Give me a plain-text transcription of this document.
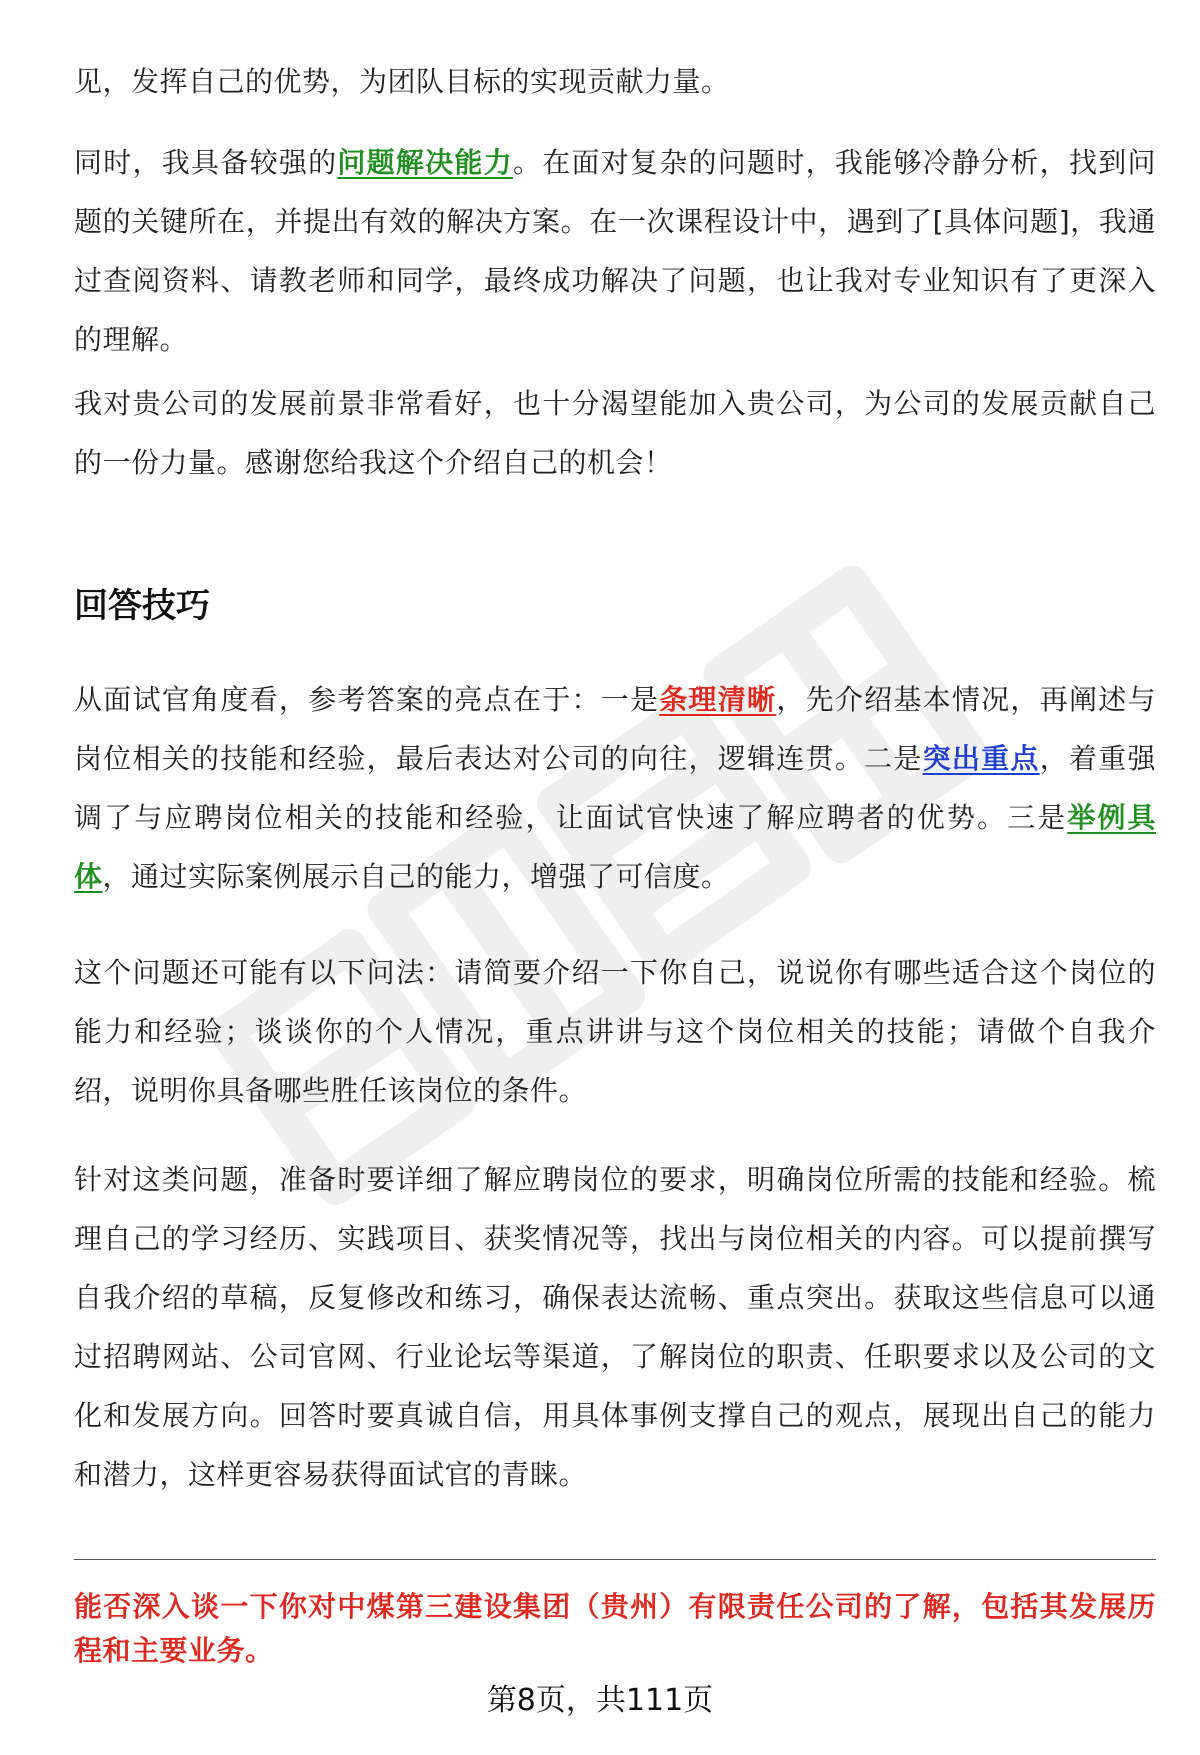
见，发挥自己的优势，为团队目标的实现贡献力量。

同时，我具备较强的问题解决能力。在面对复杂的问题时，我能够冷静分析，找到问题的关键所在，并提出有效的解决方案。在一次课程设计中，遇到了[具体问题]，我通过查阅资料、请教老师和同学，最终成功解决了问题，也让我对专业知识有了更深入的理解。

我对贵公司的发展前景非常看好，也十分渴望能加入贵公司，为公司的发展贡献自己的一份力量。感谢您给我这个介绍自己的机会！

回答技巧

从面试官角度看，参考答案的亮点在于：一是条理清晰，先介绍基本情况，再阐述与岗位相关的技能和经验，最后表达对公司的向往，逻辑连贯。二是突出重点，着重强调了与应聘岗位相关的技能和经验，让面试官快速了解应聘者的优势。三是举例具体，通过实际案例展示自己的能力，增强了可信度。

这个问题还可能有以下问法：请简要介绍一下你自己，说说你有哪些适合这个岗位的能力和经验；谈谈你的个人情况，重点讲讲与这个岗位相关的技能；请做个自我介绍，说明你具备哪些胜任该岗位的条件。

针对这类问题，准备时要详细了解应聘岗位的要求，明确岗位所需的技能和经验。梳理自己的学习经历、实践项目、获奖情况等，找出与岗位相关的内容。可以提前撰写自我介绍的草稿，反复修改和练习，确保表达流畅、重点突出。获取这些信息可以通过招聘网站、公司官网、行业论坛等渠道，了解岗位的职责、任职要求以及公司的文化和发展方向。回答时要真诚自信，用具体事例支撑自己的观点，展现出自己的能力和潜力，这样更容易获得面试官的青睐。

能否深入谈一下你对中煤第三建设集团（贵州）有限责任公司的了解，包括其发展历程和主要业务。

第8页，共111页
